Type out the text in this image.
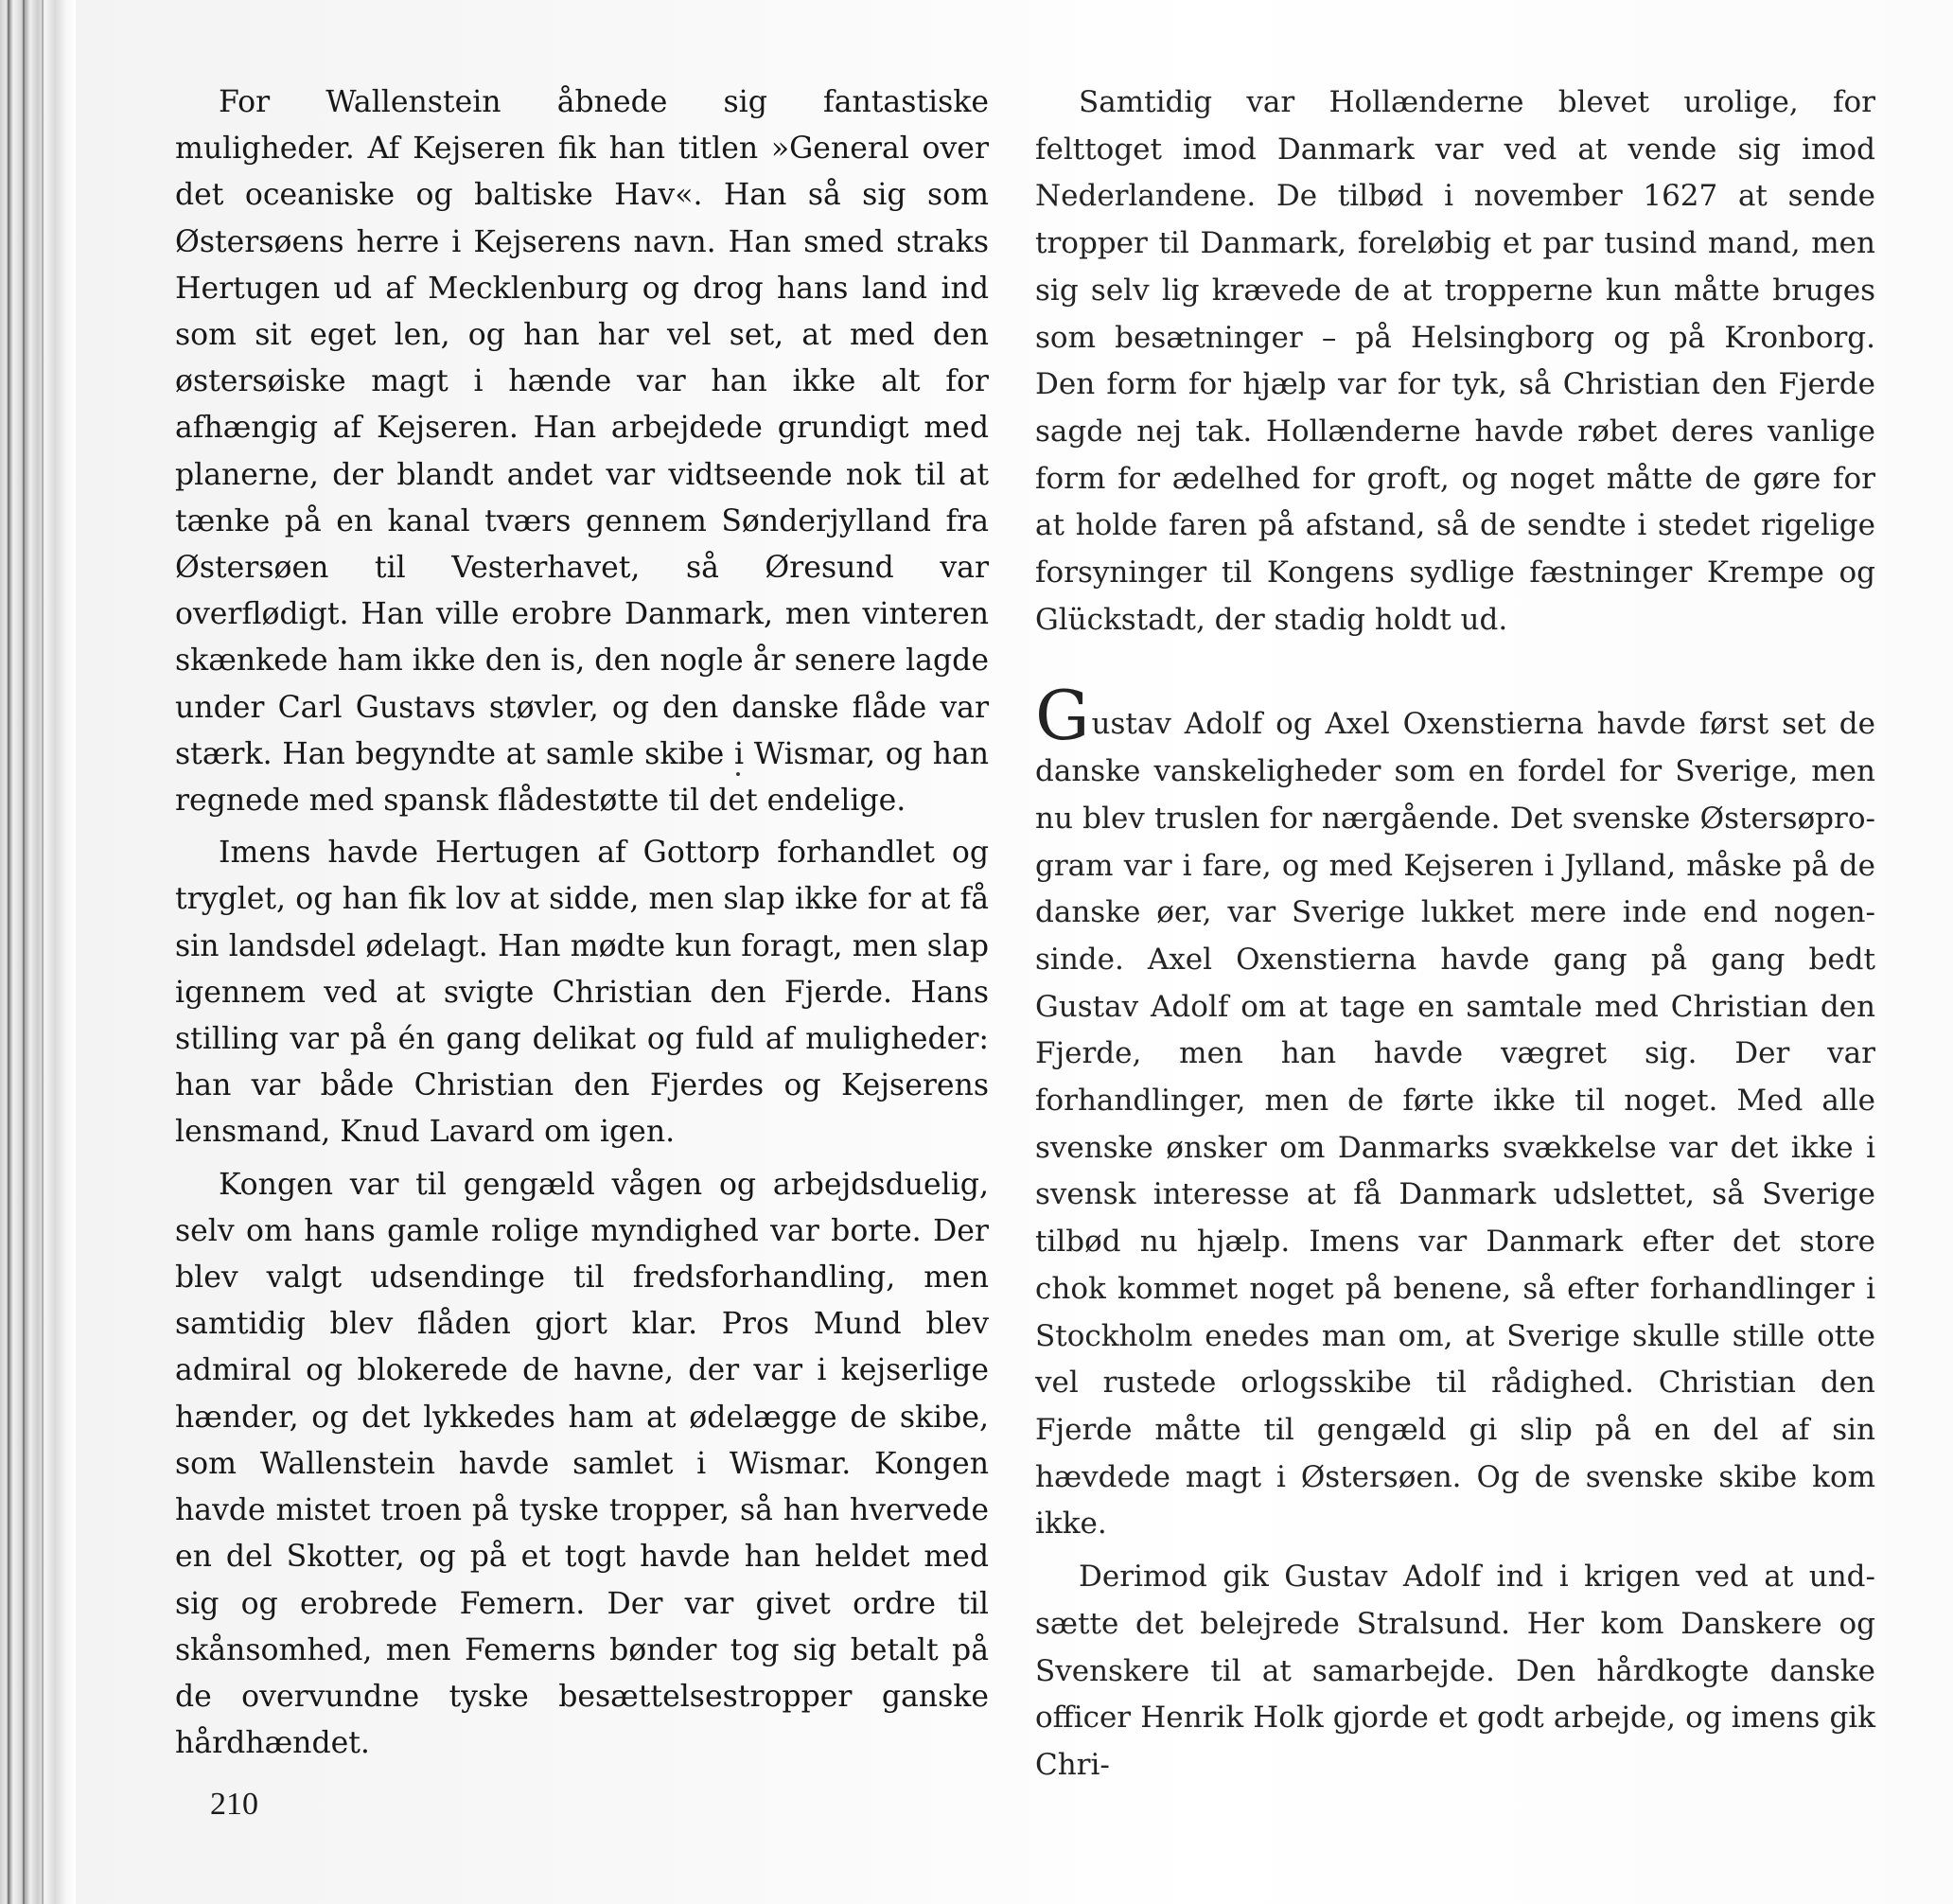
For Wallenstein åbnede sig fantastiske muligheder. Af Kejseren fik han titlen »General over det oceaniske og baltiske Hav«. Han så sig som Østersøens herre i Kejserens navn. Han smed straks Hertugen ud af Mecklenburg og drog hans land ind som sit eget len, og han har vel set, at med den østersøiske magt i hænde var han ikke alt for afhængig af Kejseren. Han arbejdede grundigt med planerne, der blandt andet var vidtseende nok til at tænke på en kanal tværs gennem Sønderjylland fra Østersøen til Vesterhavet, så Øresund var overflødigt. Han ville erobre Danmark, men vinteren skænkede ham ikke den is, den nogle år senere lagde under Carl Gustavs støvler, og den danske flåde var stærk. Han begyndte at samle skibe i Wismar, og han regnede med spansk flådestøtte til det endelige.

Imens havde Hertugen af Gottorp forhandlet og tryglet, og han fik lov at sidde, men slap ikke for at få sin landsdel ødelagt. Han mødte kun foragt, men slap igennem ved at svigte Christian den Fjerde. Hans stilling var på én gang delikat og fuld af muligheder: han var både Christian den Fjerdes og Kejserens lensmand, Knud Lavard om igen.

Kongen var til gengæld vågen og arbejdsduelig, selv om hans gamle rolige myndighed var borte. Der blev valgt udsendinge til fredsforhandling, men samtidig blev flåden gjort klar. Pros Mund blev admiral og blokerede de havne, der var i kejserlige hænder, og det lykkedes ham at ødelægge de skibe, som Wallenstein havde samlet i Wismar. Kongen havde mistet troen på tyske tropper, så han hvervede en del Skotter, og på et togt havde han heldet med sig og erobrede Femern. Der var givet ordre til skånsomhed, men Femerns bønder tog sig betalt på de overvundne tyske besættelsestropper ganske hårdhændet.

Samtidig var Hollænderne blevet urolige, for felttoget imod Danmark var ved at vende sig imod Nederlandene. De tilbød i november 1627 at sende tropper til Danmark, foreløbig et par tusind mand, men sig selv lig krævede de at tropperne kun måtte bruges som besætninger – på Helsingborg og på Kronborg. Den form for hjælp var for tyk, så Christian den Fjerde sagde nej tak. Hollænderne havde røbet deres vanlige form for ædelhed for groft, og noget måtte de gøre for at holde faren på afstand, så de sendte i stedet rigelige forsyninger til Kongens sydlige fæstninger Krempe og Glückstadt, der stadig holdt ud.

Gustav Adolf og Axel Oxenstierna havde først set de danske vanskeligheder som en fordel for Sverige, men nu blev truslen for nærgående. Det svenske Østersøprogram var i fare, og med Kejseren i Jylland, måske på de danske øer, var Sverige lukket mere inde end nogensinde. Axel Oxenstierna havde gang på gang bedt Gustav Adolf om at tage en samtale med Christian den Fjerde, men han havde vægret sig. Der var forhandlinger, men de førte ikke til noget. Med alle svenske ønsker om Danmarks svækkelse var det ikke i svensk interesse at få Danmark udslettet, så Sverige tilbød nu hjælp. Imens var Danmark efter det store chok kommet noget på benene, så efter forhandlinger i Stockholm enedes man om, at Sverige skulle stille otte vel rustede orlogsskibe til rådighed. Christian den Fjerde måtte til gengæld gi slip på en del af sin hævdede magt i Østersøen. Og de svenske skibe kom ikke.

Derimod gik Gustav Adolf ind i krigen ved at undsætte det belejrede Stralsund. Her kom Danskere og Svenskere til at samarbejde. Den hårdkogte danske officer Henrik Holk gjorde et godt arbejde, og imens gik Chri-

210
